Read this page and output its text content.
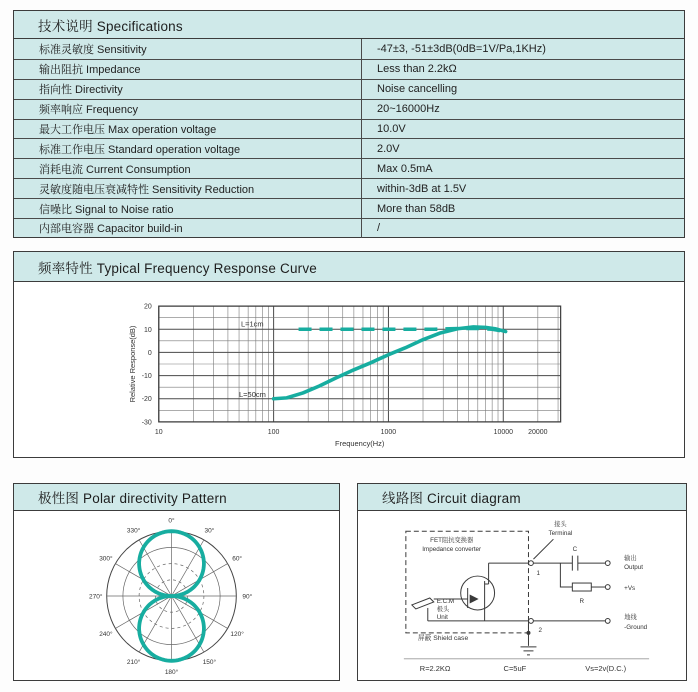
技术说明 Specifications
标准灵敏度 Sensitivity	-47±3, -51±3dB(0dB=1V/Pa,1KHz)
输出阻抗 Impedance	Less than 2.2kΩ
指向性 Directivity	Noise cancelling
频率响应 Frequency	20~16000Hz
最大工作电压 Max operation voltage	10.0V
标准工作电压 Standard operation voltage	2.0V
消耗电流 Current Consumption	Max 0.5mA
灵敏度随电压衰减特性 Sensitivity Reduction	within-3dB at 1.5V
信噪比 Signal to Noise ratio	More than 58dB
内部电容器 Capacitor build-in	/
频率特性 Typical Frequency Response Curve
20
10
0
-10
-20
-30
10	100	1000	10000 20000
Frequency(Hz)
Relative Response(dB)
L=1cm
L=50cm
极性图 Polar directivity Pattern
0°
30°
60°
90°
120°
150°
180°
210°
240°
270°
300°
330°
线路图 Circuit diagram
FET阻抗变换器
Impedance converter
接头
Terminal
C
R
1
2
输出
Output
+Vs
地线
-Ground
E.C.M
极头
Unit
屏蔽 Shield case
R=2.2KΩ	C=5uF	Vs=2v(D.C.)
